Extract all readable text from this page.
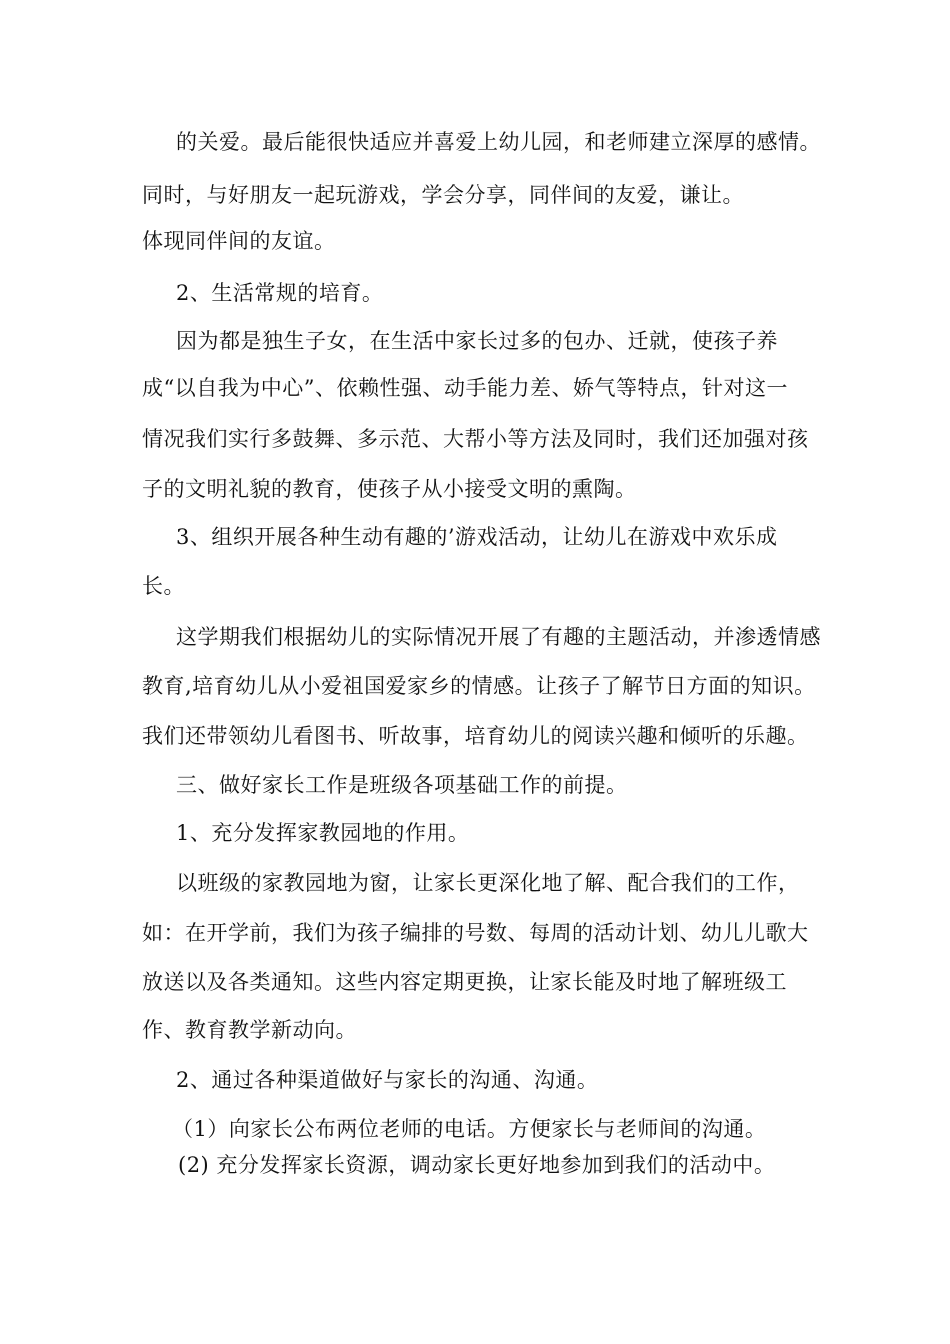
的关爱。最后能很快适应并喜爱上幼儿园，和老师建立深厚的感情。
同时，与好朋友一起玩游戏，学会分享，同伴间的友爱，谦让。
体现同伴间的友谊。
2、生活常规的培育。
因为都是独生子女，在生活中家长过多的包办、迁就，使孩子养
成“以自我为中心”、依赖性强、动手能力差、娇气等特点，针对这一
情况我们实行多鼓舞、多示范、大帮小等方法及同时，我们还加强对孩
子的文明礼貌的教育，使孩子从小接受文明的熏陶。
3、组织开展各种生动有趣的’游戏活动，让幼儿在游戏中欢乐成
长。
这学期我们根据幼儿的实际情况开展了有趣的主题活动，并渗透情感
教育,培育幼儿从小爱祖国爱家乡的情感。让孩子了解节日方面的知识。
我们还带领幼儿看图书、听故事，培育幼儿的阅读兴趣和倾听的乐趣。
三、做好家长工作是班级各项基础工作的前提。
1、充分发挥家教园地的作用。
以班级的家教园地为窗，让家长更深化地了解、配合我们的工作，
如：在开学前，我们为孩子编排的号数、每周的活动计划、幼儿儿歌大
放送以及各类通知。这些内容定期更换，让家长能及时地了解班级工
作、教育教学新动向。
2、通过各种渠道做好与家长的沟通、沟通。
（1）向家长公布两位老师的电话。方便家长与老师间的沟通。
(2) 充分发挥家长资源，调动家长更好地参加到我们的活动中。
